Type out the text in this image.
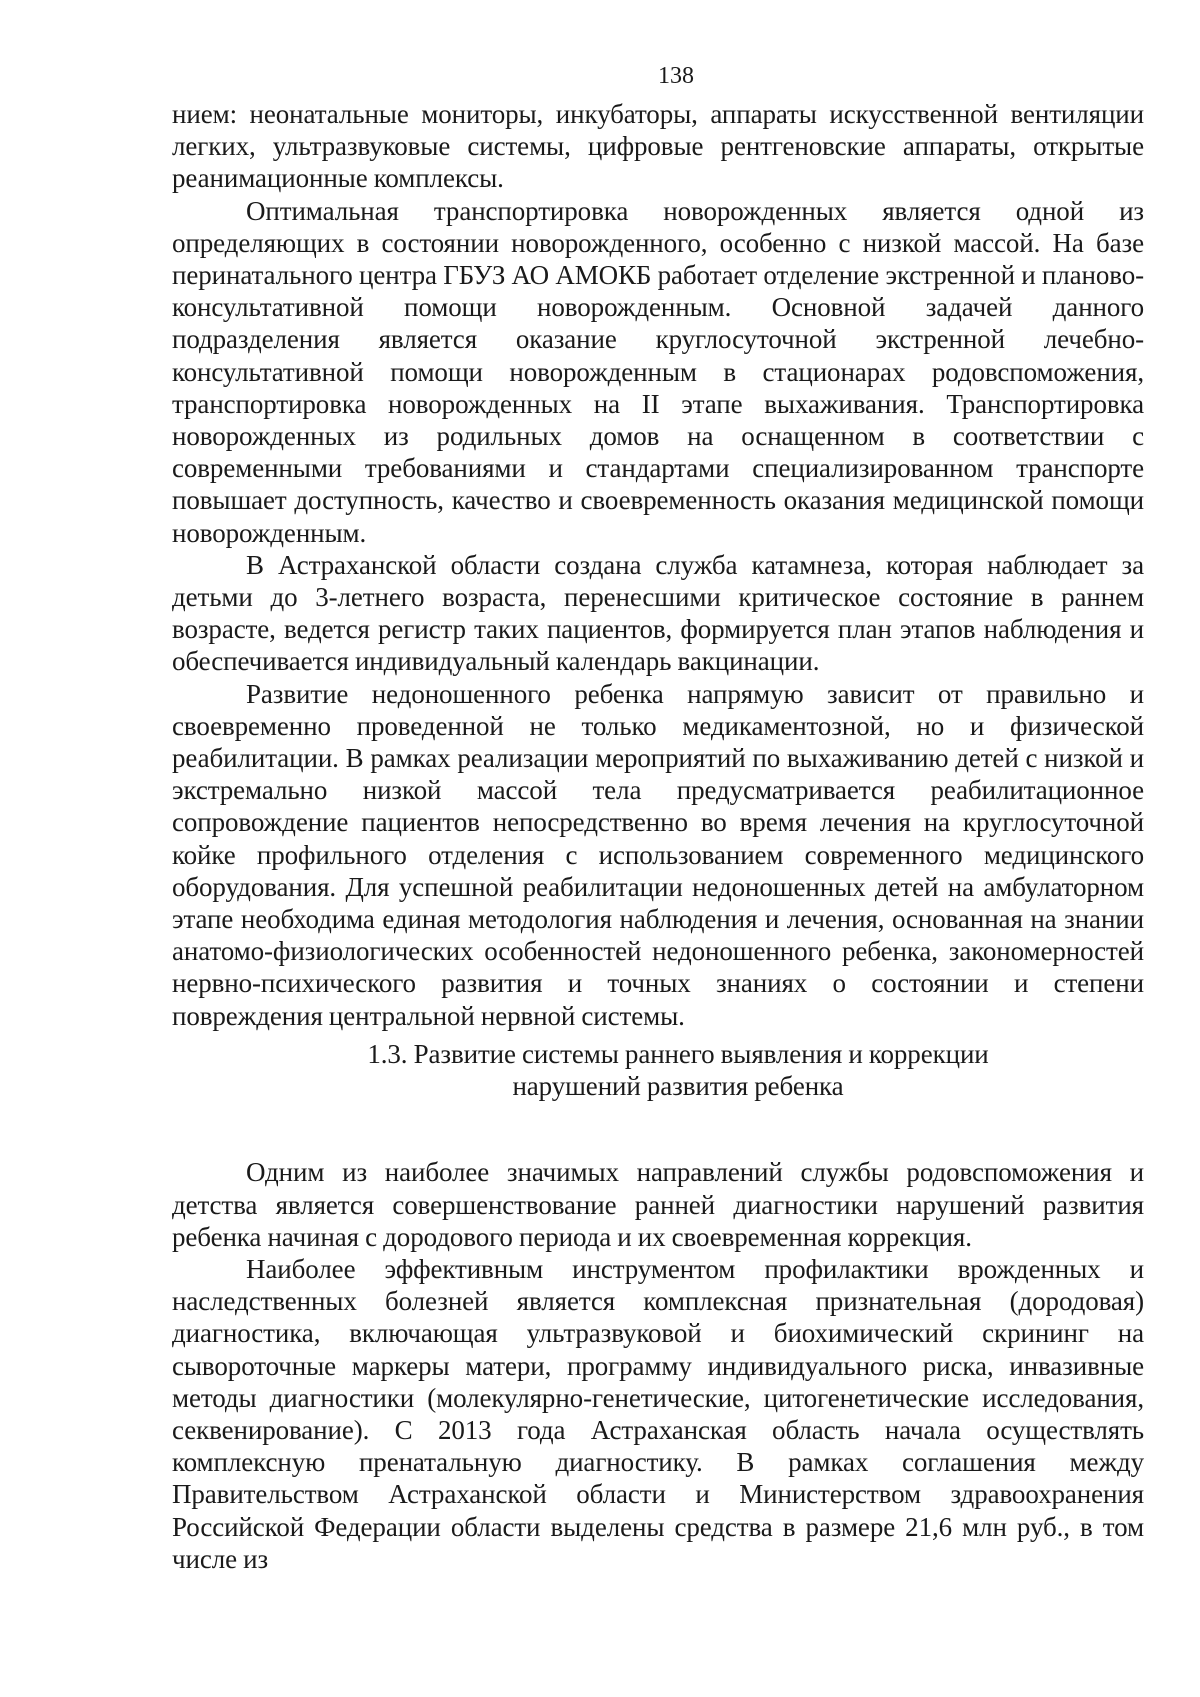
138

нием: неонатальные мониторы, инкубаторы, аппараты искусственной вентиляции легких, ультразвуковые системы, цифровые рентгеновские аппараты, открытые реанимационные комплексы.

Оптимальная транспортировка новорожденных является одной из определяющих в состоянии новорожденного, особенно с низкой массой. На базе перинатального центра ГБУЗ АО АМОКБ работает отделение экстренной и планово-консультативной помощи новорожденным. Основной задачей данного подразделения является оказание круглосуточной экстренной лечебно-консультативной помощи новорожденным в стационарах родовспоможения, транспортировка новорожденных на II этапе выхаживания. Транспортировка новорожденных из родильных домов на оснащенном в соответствии с современными требованиями и стандартами специализированном транспорте повышает доступность, качество и своевременность оказания медицинской помощи новорожденным.

В Астраханской области создана служба катамнеза, которая наблюдает за детьми до 3-летнего возраста, перенесшими критическое состояние в раннем возрасте, ведется регистр таких пациентов, формируется план этапов наблюдения и обеспечивается индивидуальный календарь вакцинации.

Развитие недоношенного ребенка напрямую зависит от правильно и своевременно проведенной не только медикаментозной, но и физической реабилитации. В рамках реализации мероприятий по выхаживанию детей с низкой и экстремально низкой массой тела предусматривается реабилитационное сопровождение пациентов непосредственно во время лечения на круглосуточной койке профильного отделения с использованием современного медицинского оборудования. Для успешной реабилитации недоношенных детей на амбулаторном этапе необходима единая методология наблюдения и лечения, основанная на знании анатомо-физиологических особенностей недоношенного ребенка, закономерностей нервно-психического развития и точных знаниях о состоянии и степени повреждения центральной нервной системы.

1.3. Развитие системы раннего выявления и коррекции
нарушений развития ребенка

Одним из наиболее значимых направлений службы родовспоможения и детства является совершенствование ранней диагностики нарушений развития ребенка начиная с дородового периода и их своевременная коррекция.

Наиболее эффективным инструментом профилактики врожденных и наследственных болезней является комплексная признательная (дородовая) диагностика, включающая ультразвуковой и биохимический скрининг на сывороточные маркеры матери, программу индивидуального риска, инвазивные методы диагностики (молекулярно-генетические, цитогенетические исследования, секвенирование). С 2013 года Астраханская область начала осуществлять комплексную пренатальную диагностику. В рамках соглашения между Правительством Астраханской области и Министерством здравоохранения Российской Федерации области выделены средства в размере 21,6 млн руб., в том числе из
